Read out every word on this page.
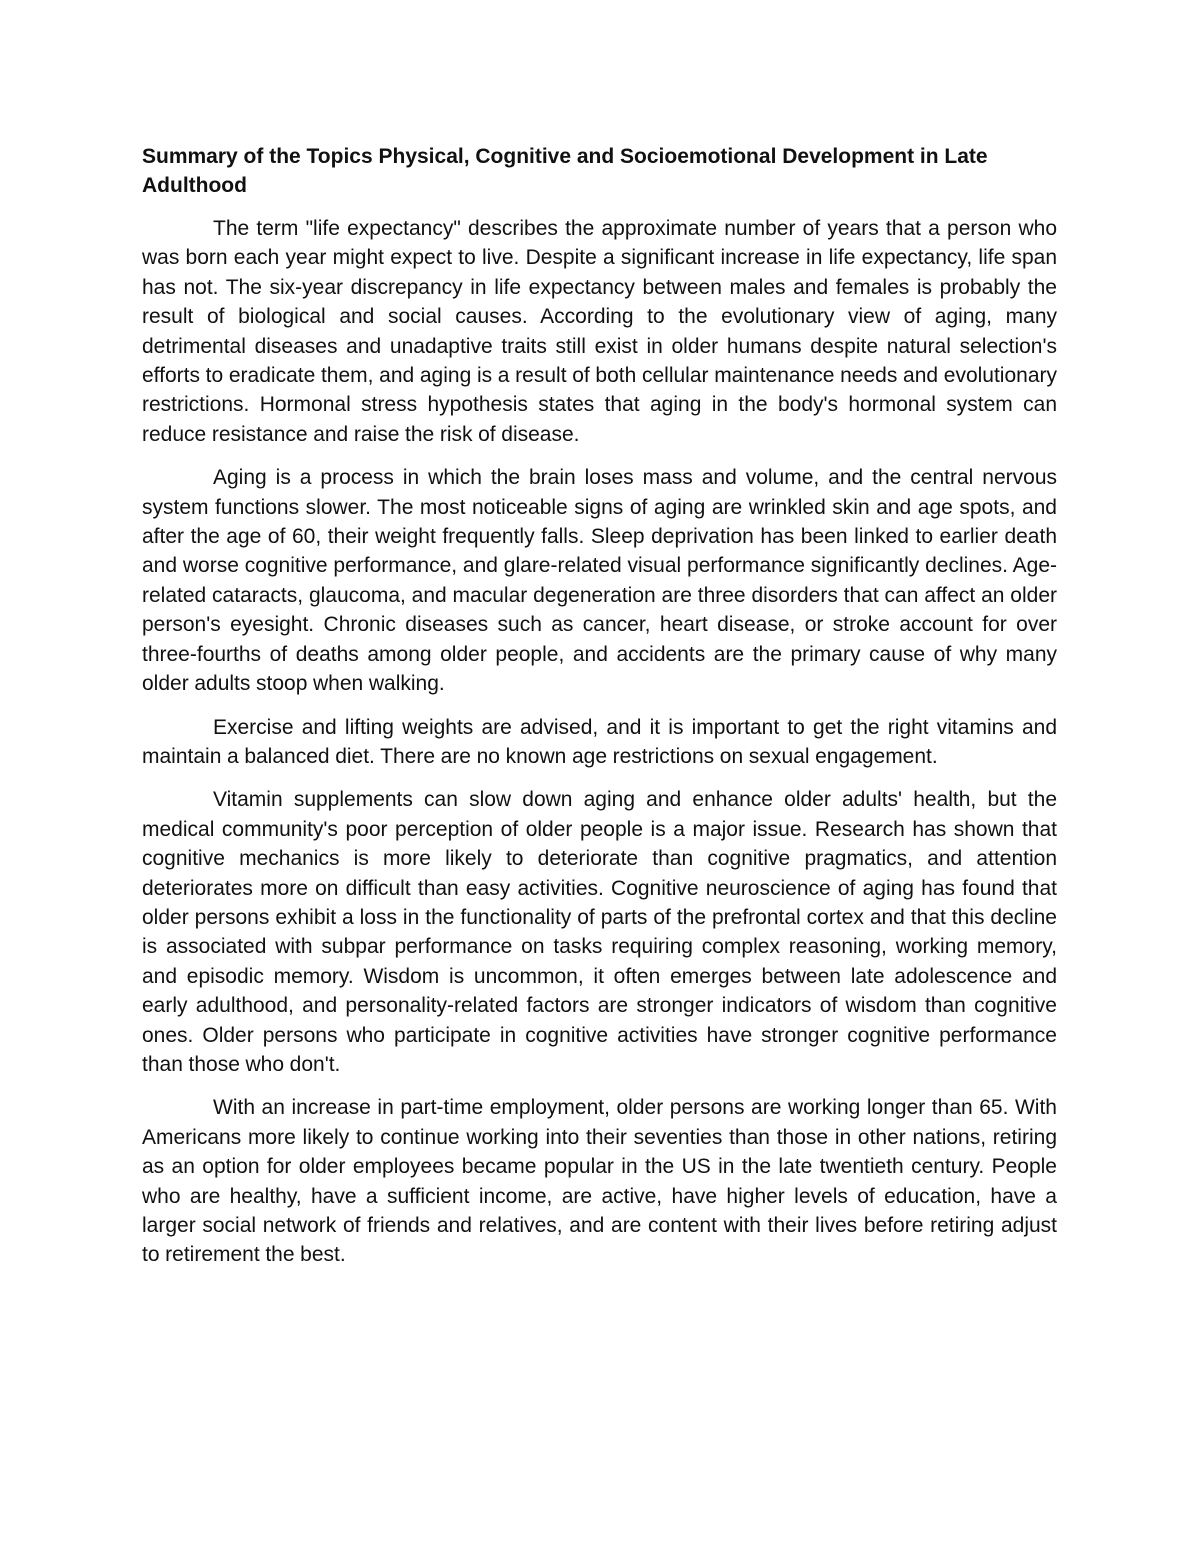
Summary of the Topics Physical, Cognitive and Socioemotional Development in Late Adulthood

The term "life expectancy" describes the approximate number of years that a person who was born each year might expect to live. Despite a significant increase in life expectancy, life span has not. The six-year discrepancy in life expectancy between males and females is probably the result of biological and social causes. According to the evolutionary view of aging, many detrimental diseases and unadaptive traits still exist in older humans despite natural selection's efforts to eradicate them, and aging is a result of both cellular maintenance needs and evolutionary restrictions. Hormonal stress hypothesis states that aging in the body's hormonal system can reduce resistance and raise the risk of disease.

Aging is a process in which the brain loses mass and volume, and the central nervous system functions slower. The most noticeable signs of aging are wrinkled skin and age spots, and after the age of 60, their weight frequently falls. Sleep deprivation has been linked to earlier death and worse cognitive performance, and glare-related visual performance significantly declines. Age-related cataracts, glaucoma, and macular degeneration are three disorders that can affect an older person's eyesight. Chronic diseases such as cancer, heart disease, or stroke account for over three-fourths of deaths among older people, and accidents are the primary cause of why many older adults stoop when walking.

Exercise and lifting weights are advised, and it is important to get the right vitamins and maintain a balanced diet. There are no known age restrictions on sexual engagement.

Vitamin supplements can slow down aging and enhance older adults' health, but the medical community's poor perception of older people is a major issue. Research has shown that cognitive mechanics is more likely to deteriorate than cognitive pragmatics, and attention deteriorates more on difficult than easy activities. Cognitive neuroscience of aging has found that older persons exhibit a loss in the functionality of parts of the prefrontal cortex and that this decline is associated with subpar performance on tasks requiring complex reasoning, working memory, and episodic memory. Wisdom is uncommon, it often emerges between late adolescence and early adulthood, and personality-related factors are stronger indicators of wisdom than cognitive ones. Older persons who participate in cognitive activities have stronger cognitive performance than those who don't.

With an increase in part-time employment, older persons are working longer than 65. With Americans more likely to continue working into their seventies than those in other nations, retiring as an option for older employees became popular in the US in the late twentieth century. People who are healthy, have a sufficient income, are active, have higher levels of education, have a larger social network of friends and relatives, and are content with their lives before retiring adjust to retirement the best.
